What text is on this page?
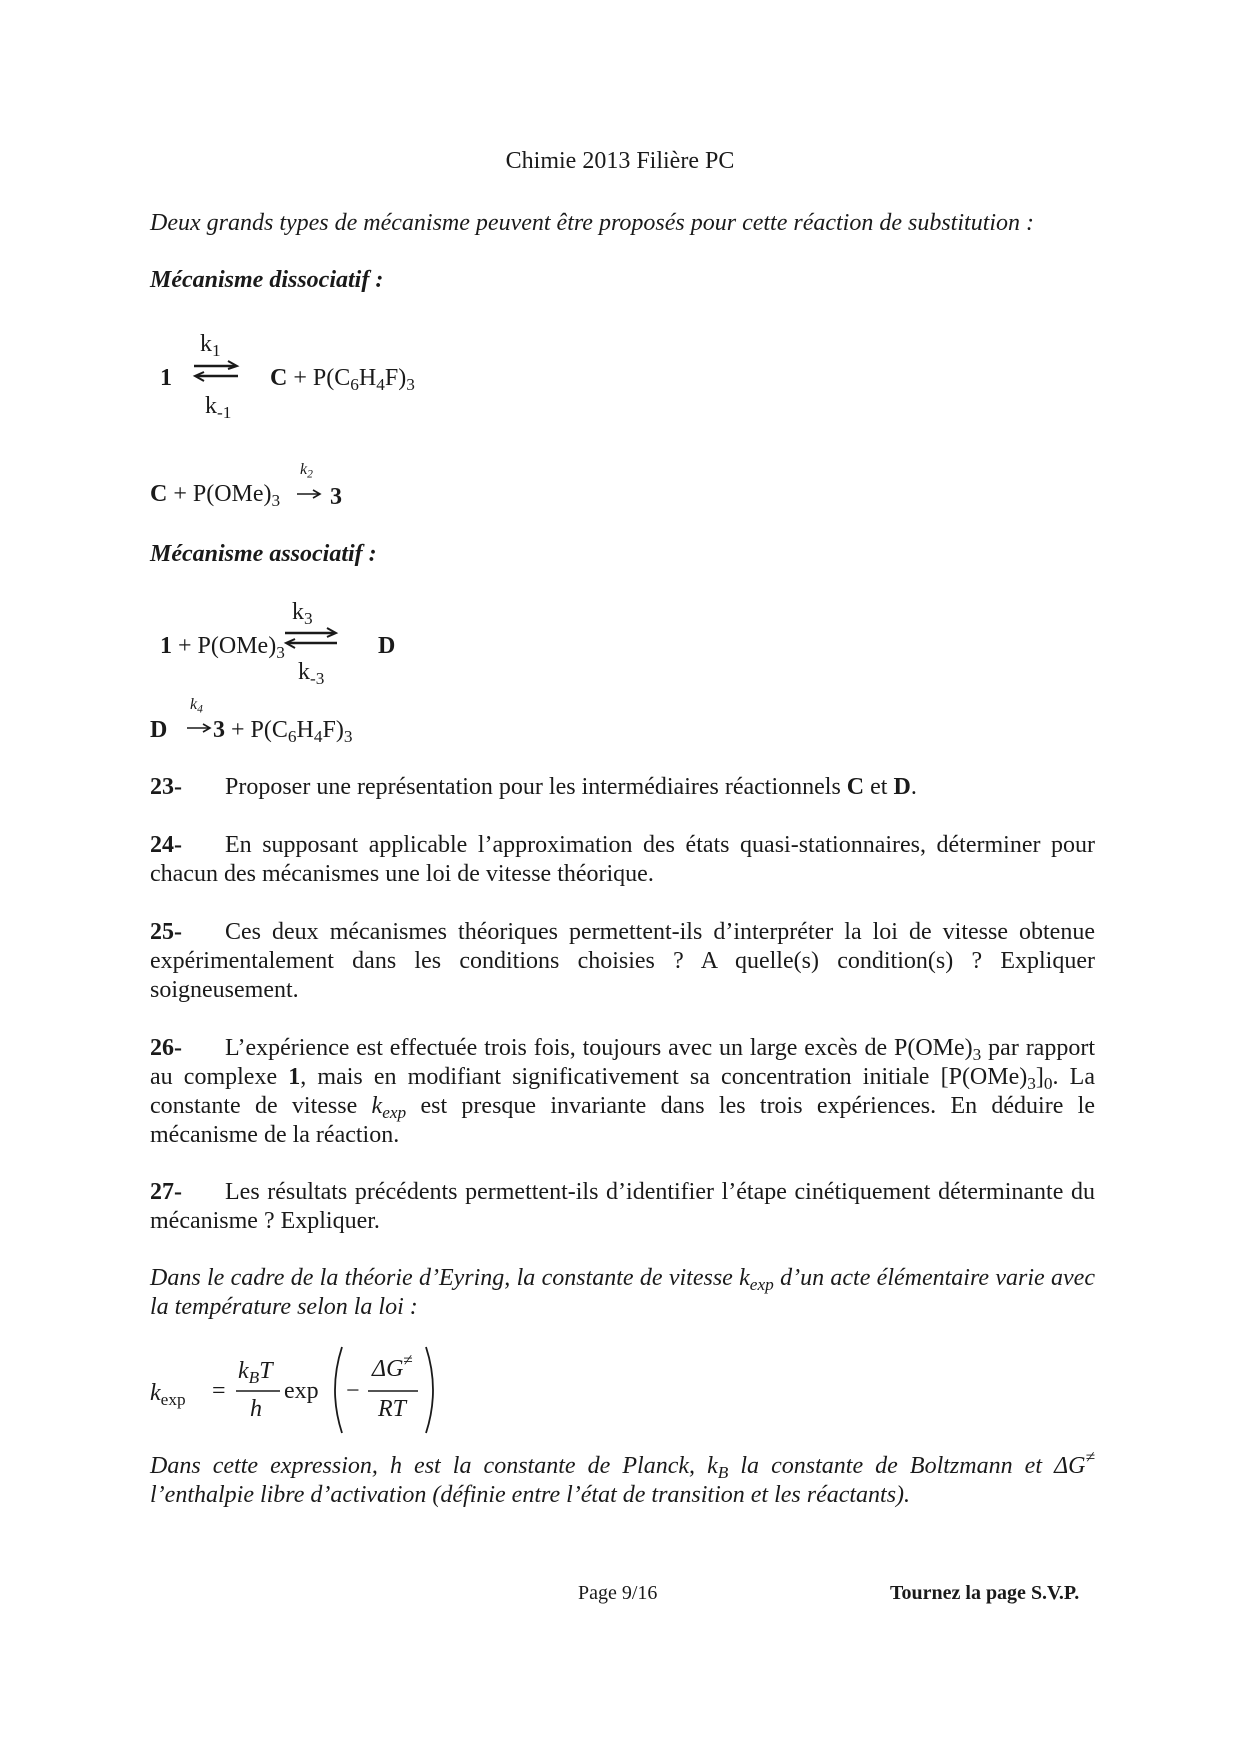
Chimie 2013 Filière PC
Deux grands types de mécanisme peuvent être proposés pour cette réaction de substitution :
Mécanisme dissociatif :
1
$k_1$
$k_{-1}$
$C + P(C_6H_4F)_3$
$C + P(OMe)_3$
$k_2$
→ 3
Mécanisme associatif :
$1 + P(OMe)_3$
$k_3$
$k_{-3}$
D
D
$k_4$
$3 + P(C_6H_4F)_3$
23- Proposer une représentation pour les intermédiaires réactionnels C et D.
24- En supposant applicable l’approximation des états quasi-stationnaires, déterminer pour chacun des mécanismes une loi de vitesse théorique.
25- Ces deux mécanismes théoriques permettent-ils d’interpréter la loi de vitesse obtenue expérimentalement dans les conditions choisies ? A quelle(s) condition(s) ? Expliquer soigneusement.
26- L’expérience est effectuée trois fois, toujours avec un large excès de $P(OMe)_3$ par rapport au complexe 1, mais en modifiant significativement sa concentration initiale $[P(OMe)_3]_0$. La constante de vitesse $k_{exp}$ est presque invariante dans les trois expériences. En déduire le mécanisme de la réaction.
27- Les résultats précédents permettent-ils d’identifier l’étape cinétiquement déterminante du mécanisme ? Expliquer.
Dans le cadre de la théorie d’Eyring, la constante de vitesse $k_{exp}$ d’un acte élémentaire varie avec la température selon la loi :
$k_{exp}$ =
$k_BT$
h
exp −
ΔG≠
RT
Dans cette expression, h est la constante de Planck, $k_B$ la constante de Boltzmann et ΔG≠ l’enthalpie libre d’activation (définie entre l’état de transition et les réactants).
Page 9/16	Tournez la page S.V.P.
